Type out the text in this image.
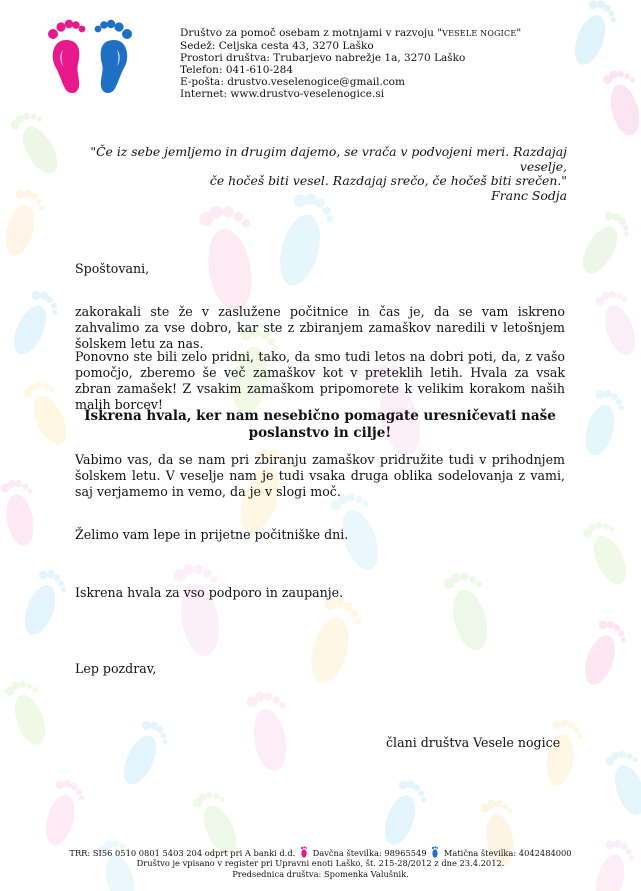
Društvo za pomoč osebam z motnjami v razvoju "VESELE NOGICE"
Sedež: Celjska cesta 43, 3270 Laško
Prostori društva: Trubarjevo nabrežje 1a, 3270 Laško
Telefon: 041-610-284
E-pošta: drustvo.veselenogice@gmail.com
Internet: www.drustvo-veselenogice.si
"Če iz sebe jemljemo in drugim dajemo, se vrača v podvojeni meri. Razdajaj veselje,
če hočeš biti vesel. Razdajaj srečo, če hočeš biti srečen."
Franc Sodja
Spoštovani,
zakorakali ste že v zaslužene počitnice in čas je, da se vam iskreno zahvalimo za vse dobro, kar ste z zbiranjem zamaškov naredili v letošnjem šolskem letu za nas.
Ponovno ste bili zelo pridni, tako, da smo tudi letos na dobri poti, da, z vašo pomočjo, zberemo še več zamaškov kot v preteklih letih. Hvala za vsak zbran zamašek! Z vsakim zamaškom pripomorete k velikim korakom naših malih borcev!
Iskrena hvala, ker nam nesebično pomagate uresničevati naše poslanstvo in cilje!
Vabimo vas, da se nam pri zbiranju zamaškov pridružite tudi v prihodnjem šolskem letu. V veselje nam je tudi vsaka druga oblika sodelovanja z vami, saj verjamemo in vemo, da je v slogi moč.
Želimo vam lepe in prijetne počitniške dni.
Iskrena hvala za vso podporo in zaupanje.
Lep pozdrav,
člani društva Vesele nogice
TRR: SI56 0510 0801 5403 204 odprt pri A banki d.d. Davčna številka: 98965549 Matična številka: 4042484000
Društvo je vpisano v register pri Upravni enoti Laško, št. 215-28/2012 z dne 23.4.2012.
Predsednica društva: Spomenka Valušnik.
